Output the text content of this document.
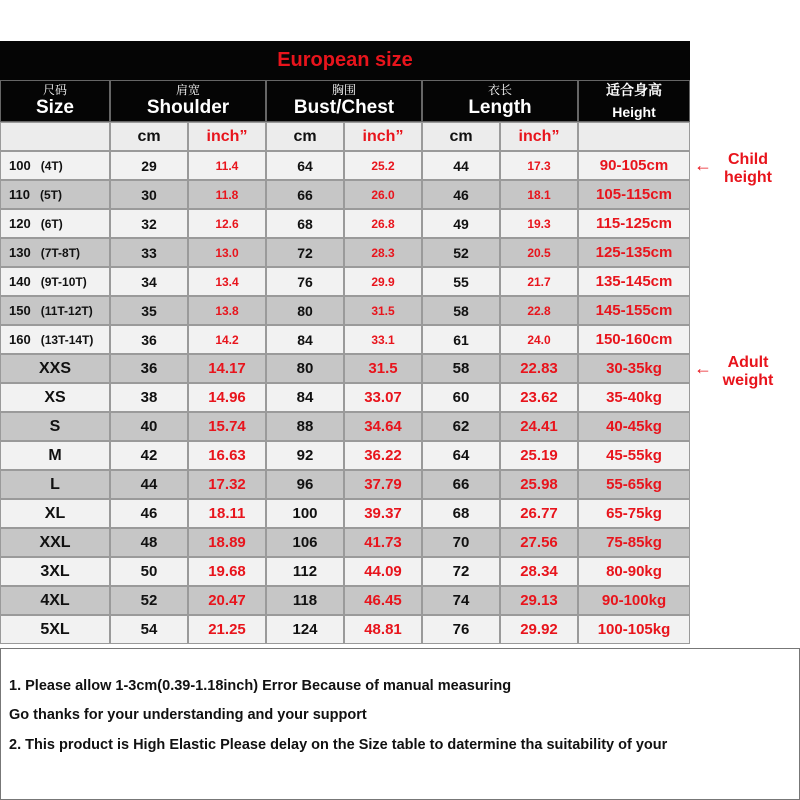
European size
尺码
Size
肩宽
Shoulder
胸围
Bust/Chest
衣长
Length
适合身高
Height
cm	inch”	cm	inch”	cm	inch”
100 (4T)	29	11.4	64	25.2	44	17.3	90-105cm
110 (5T)	30	11.8	66	26.0	46	18.1	105-115cm
120 (6T)	32	12.6	68	26.8	49	19.3	115-125cm
130 (7T-8T)	33	13.0	72	28.3	52	20.5	125-135cm
140 (9T-10T)	34	13.4	76	29.9	55	21.7	135-145cm
150 (11T-12T)	35	13.8	80	31.5	58	22.8	145-155cm
160 (13T-14T)	36	14.2	84	33.1	61	24.0	150-160cm
XXS	36	14.17	80	31.5	58	22.83	30-35kg
XS	38	14.96	84	33.07	60	23.62	35-40kg
S	40	15.74	88	34.64	62	24.41	40-45kg
M	42	16.63	92	36.22	64	25.19	45-55kg
L	44	17.32	96	37.79	66	25.98	55-65kg
XL	46	18.11	100	39.37	68	26.77	65-75kg
XXL	48	18.89	106	41.73	70	27.56	75-85kg
3XL	50	19.68	112	44.09	72	28.34	80-90kg
4XL	52	20.47	118	46.45	74	29.13	90-100kg
5XL	54	21.25	124	48.81	76	29.92	100-105kg
←	Child
height
← Adult
weight
1. Please allow 1-3cm(0.39-1.18inch) Error Because of manual measuring
Go thanks for your understanding and your support
2. This product is High Elastic Please delay on the Size table to datermine tha suitability of your
